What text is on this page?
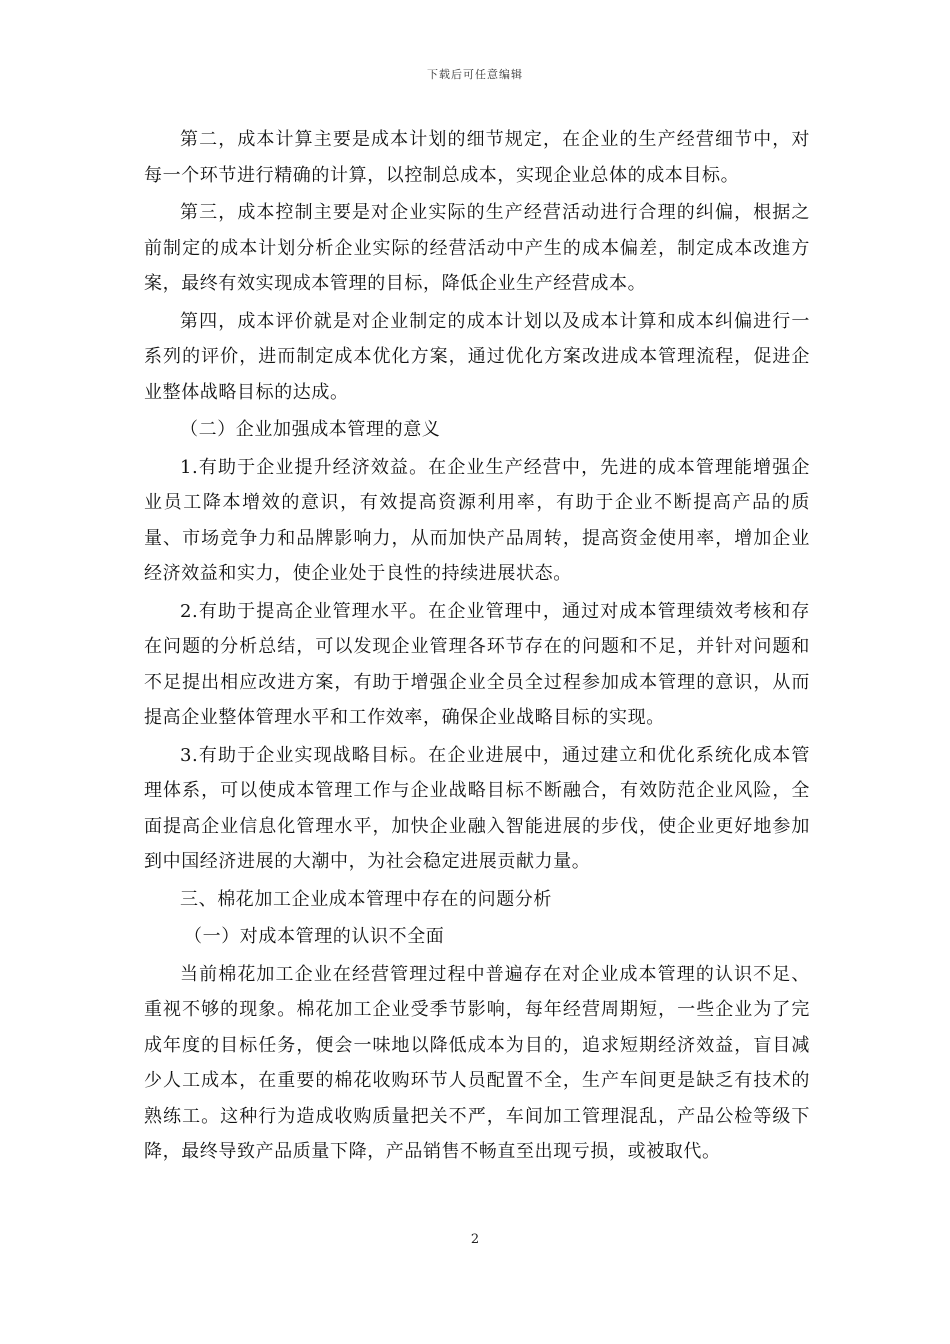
下载后可任意编辑

第二，成本计算主要是成本计划的细节规定，在企业的生产经营细节中，对每一个环节进行精确的计算，以控制总成本，实现企业总体的成本目标。

第三，成本控制主要是对企业实际的生产经营活动进行合理的纠偏，根据之前制定的成本计划分析企业实际的经营活动中产生的成本偏差，制定成本改進方案，最终有效实现成本管理的目标，降低企业生产经营成本。

第四，成本评价就是对企业制定的成本计划以及成本计算和成本纠偏进行一系列的评价，进而制定成本优化方案，通过优化方案改进成本管理流程，促进企业整体战略目标的达成。

（二）企业加强成本管理的意义

1.有助于企业提升经济效益。在企业生产经营中，先进的成本管理能增强企业员工降本增效的意识，有效提高资源利用率，有助于企业不断提高产品的质量、市场竞争力和品牌影响力，从而加快产品周转，提高资金使用率，增加企业经济效益和实力，使企业处于良性的持续进展状态。

2.有助于提高企业管理水平。在企业管理中，通过对成本管理绩效考核和存在问题的分析总结，可以发现企业管理各环节存在的问题和不足，并针对问题和不足提出相应改进方案，有助于增强企业全员全过程参加成本管理的意识，从而提高企业整体管理水平和工作效率，确保企业战略目标的实现。

3.有助于企业实现战略目标。在企业进展中，通过建立和优化系统化成本管理体系，可以使成本管理工作与企业战略目标不断融合，有效防范企业风险，全面提高企业信息化管理水平，加快企业融入智能进展的步伐，使企业更好地参加到中国经济进展的大潮中，为社会稳定进展贡献力量。

三、棉花加工企业成本管理中存在的问题分析

（一）对成本管理的认识不全面

当前棉花加工企业在经营管理过程中普遍存在对企业成本管理的认识不足、重视不够的现象。棉花加工企业受季节影响，每年经营周期短，一些企业为了完成年度的目标任务，便会一味地以降低成本为目的，追求短期经济效益，盲目减少人工成本，在重要的棉花收购环节人员配置不全，生产车间更是缺乏有技术的熟练工。这种行为造成收购质量把关不严，车间加工管理混乱，产品公检等级下降，最终导致产品质量下降，产品销售不畅直至出现亏损，或被取代。

2
